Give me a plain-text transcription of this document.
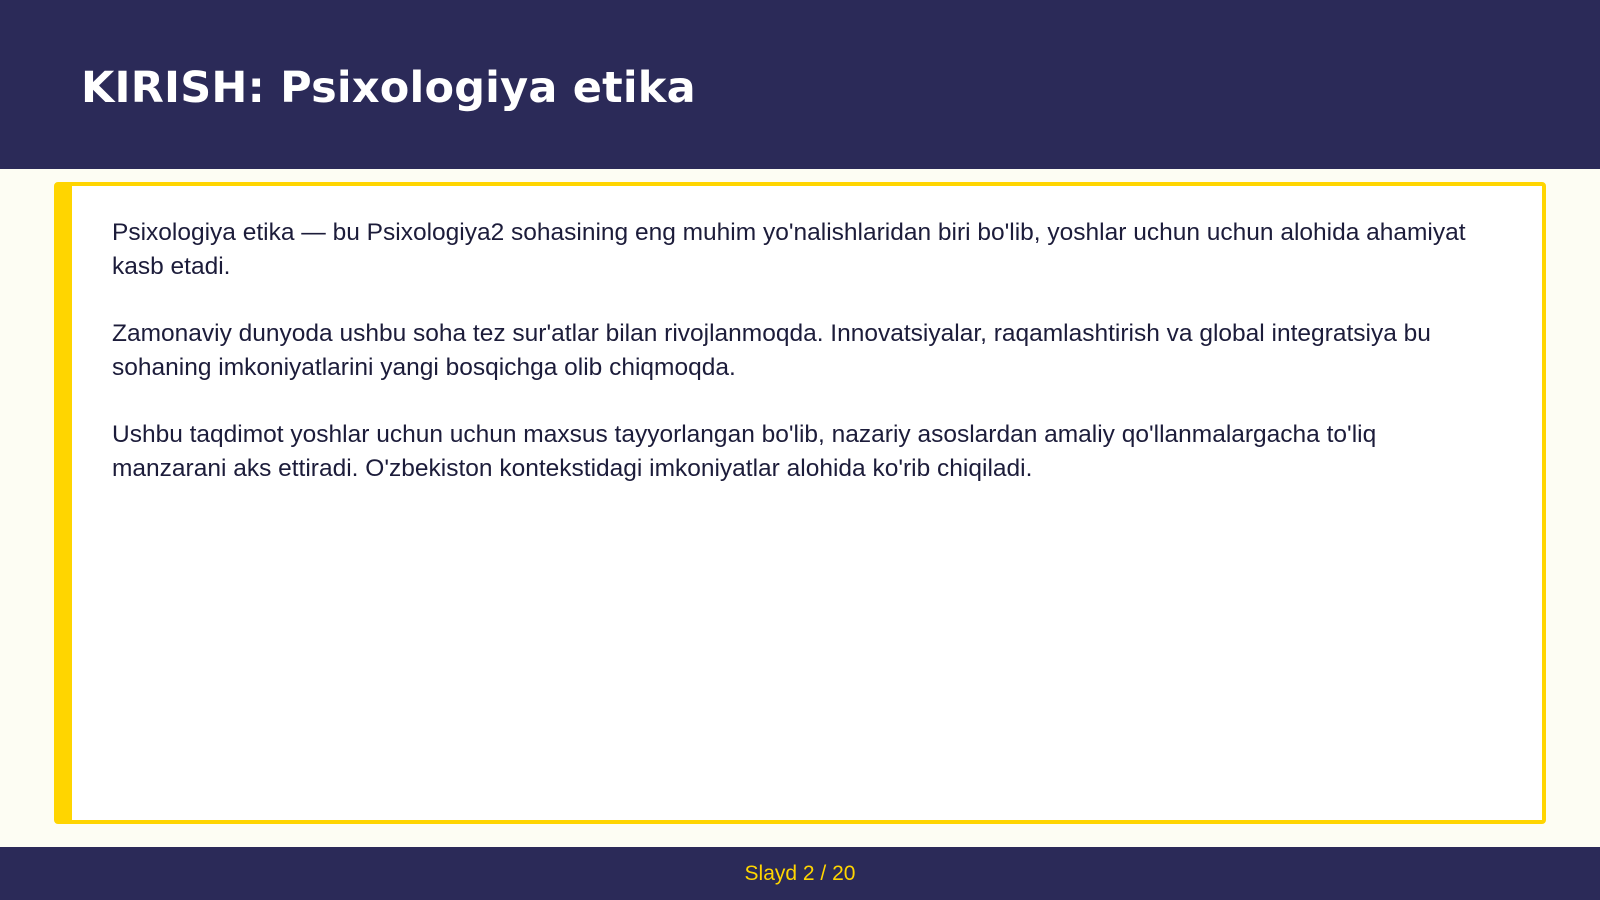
KIRISH: Psixologiya etika

Psixologiya etika — bu Psixologiya2 sohasining eng muhim yo'nalishlaridan biri bo'lib, yoshlar uchun uchun alohida ahamiyat kasb etadi.

Zamonaviy dunyoda ushbu soha tez sur'atlar bilan rivojlanmoqda. Innovatsiyalar, raqamlashtirish va global integratsiya bu sohaning imkoniyatlarini yangi bosqichga olib chiqmoqda.

Ushbu taqdimot yoshlar uchun uchun maxsus tayyorlangan bo'lib, nazariy asoslardan amaliy qo'llanmalargacha to'liq manzarani aks ettiradi. O'zbekiston kontekstidagi imkoniyatlar alohida ko'rib chiqiladi.

Slayd 2 / 20
